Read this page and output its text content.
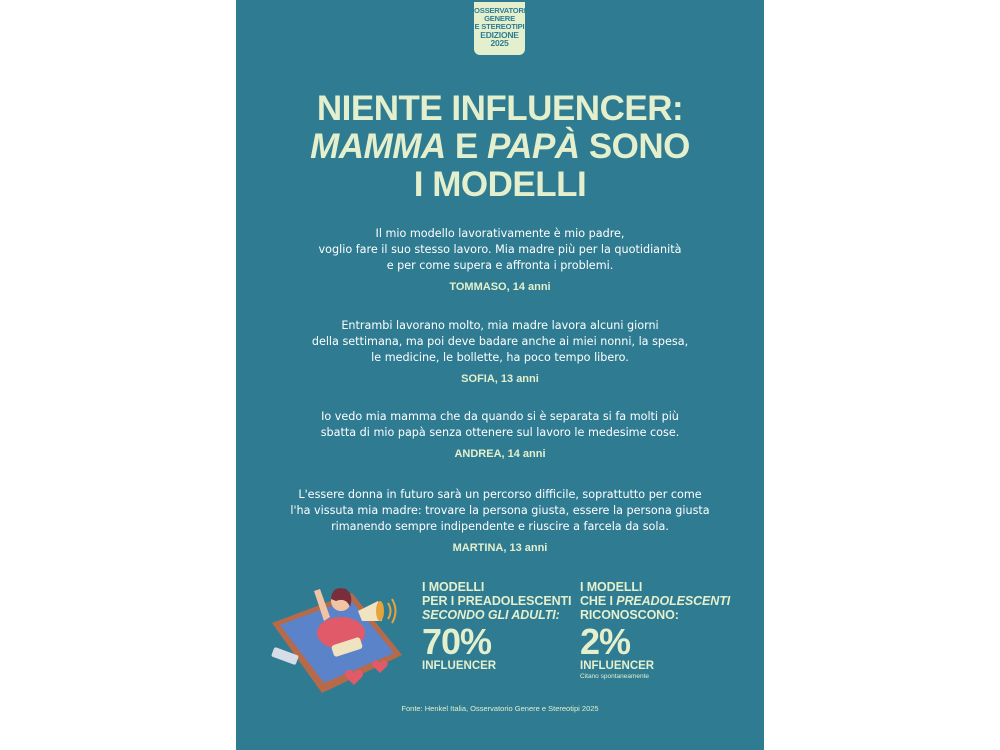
OSSERVATORIO
GENERE
E STEREOTIPI
EDIZIONE
2025
NIENTE INFLUENCER:
MAMMA E PAPÀ SONO
I MODELLI

Il mio modello lavorativamente è mio padre,

voglio fare il suo stesso lavoro. Mia madre più per la quotidianità

e per come supera e affronta i problemi.

TOMMASO, 14 anni

Entrambi lavorano molto, mia madre lavora alcuni giorni

della settimana, ma poi deve badare anche ai miei nonni, la spesa,

le medicine, le bollette, ha poco tempo libero.

SOFIA, 13 anni

Io vedo mia mamma che da quando si è separata si fa molti più

sbatta di mio papà senza ottenere sul lavoro le medesime cose.

ANDREA, 14 anni

L'essere donna in futuro sarà un percorso difficile, soprattutto per come

l'ha vissuta mia madre: trovare la persona giusta, essere la persona giusta

rimanendo sempre indipendente e riuscire a farcela da sola.

MARTINA, 13 anni
I MODELLI
PER I PREADOLESCENTI
SECONDO GLI ADULTI:
70%
INFLUENCER
I MODELLI
CHE I PREADOLESCENTI
RICONOSCONO:
2%
INFLUENCER
Citano spontaneamente
Fonte: Henkel Italia, Osservatorio Genere e Stereotipi 2025
